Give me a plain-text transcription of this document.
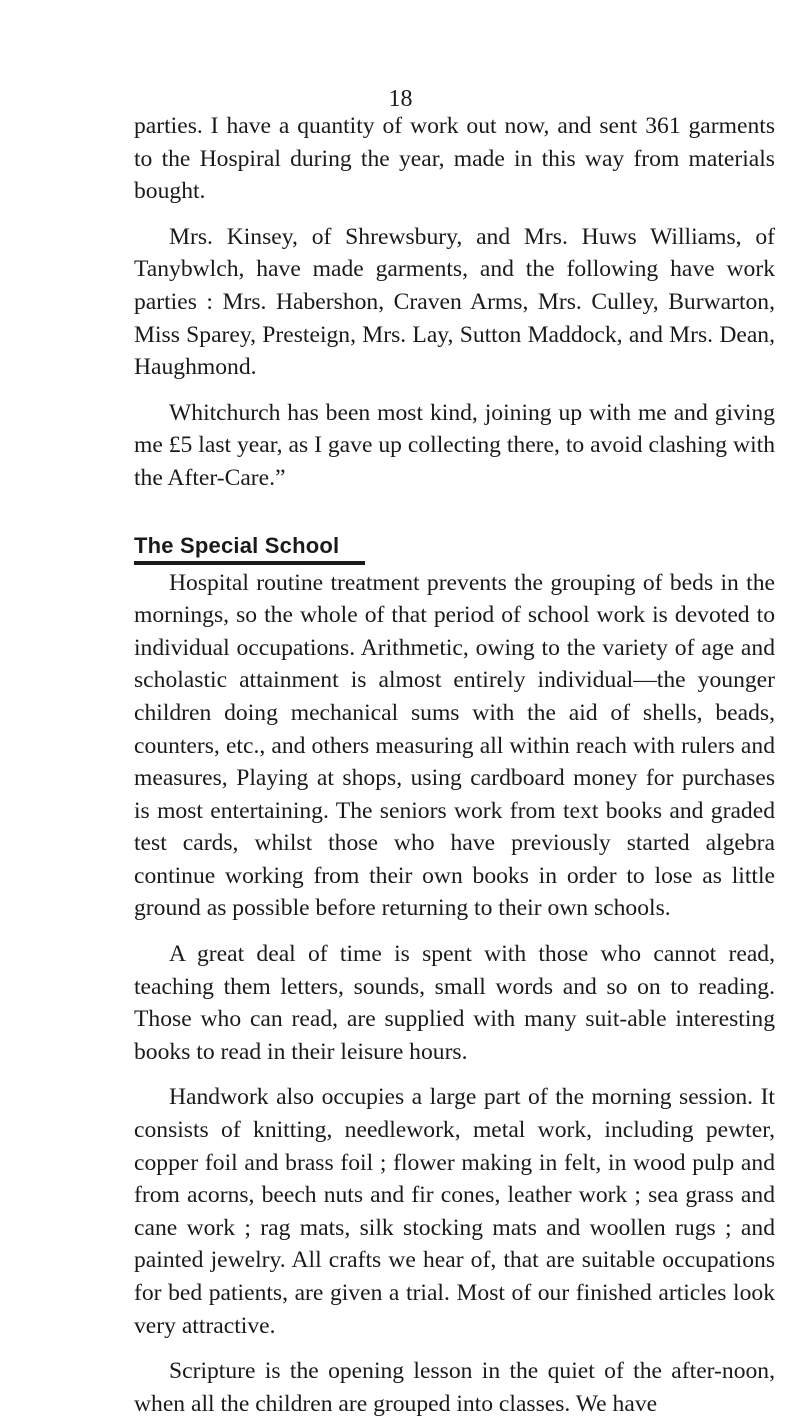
18

parties. I have a quantity of work out now, and sent 361 garments to the Hospiral during the year, made in this way from materials bought.

Mrs. Kinsey, of Shrewsbury, and Mrs. Huws Williams, of Tanybwlch, have made garments, and the following have work parties : Mrs. Habershon, Craven Arms, Mrs. Culley, Burwarton, Miss Sparey, Presteign, Mrs. Lay, Sutton Maddock, and Mrs. Dean, Haughmond.

Whitchurch has been most kind, joining up with me and giving me £5 last year, as I gave up collecting there, to avoid clashing with the After-Care.”

The Special School

Hospital routine treatment prevents the grouping of beds in the mornings, so the whole of that period of school work is devoted to individual occupations. Arithmetic, owing to the variety of age and scholastic attainment is almost entirely individual—the younger children doing mechanical sums with the aid of shells, beads, counters, etc., and others measuring all within reach with rulers and measures, Playing at shops, using cardboard money for purchases is most entertaining. The seniors work from text books and graded test cards, whilst those who have previously started algebra continue working from their own books in order to lose as little ground as possible before returning to their own schools.

A great deal of time is spent with those who cannot read, teaching them letters, sounds, small words and so on to reading. Those who can read, are supplied with many suit-able interesting books to read in their leisure hours.

Handwork also occupies a large part of the morning session. It consists of knitting, needlework, metal work, including pewter, copper foil and brass foil ; flower making in felt, in wood pulp and from acorns, beech nuts and fir cones, leather work ; sea grass and cane work ; rag mats, silk stocking mats and woollen rugs ; and painted jewelry. All crafts we hear of, that are suitable occupations for bed patients, are given a trial. Most of our finished articles look very attractive.

Scripture is the opening lesson in the quiet of the after-noon, when all the children are grouped into classes. We have
